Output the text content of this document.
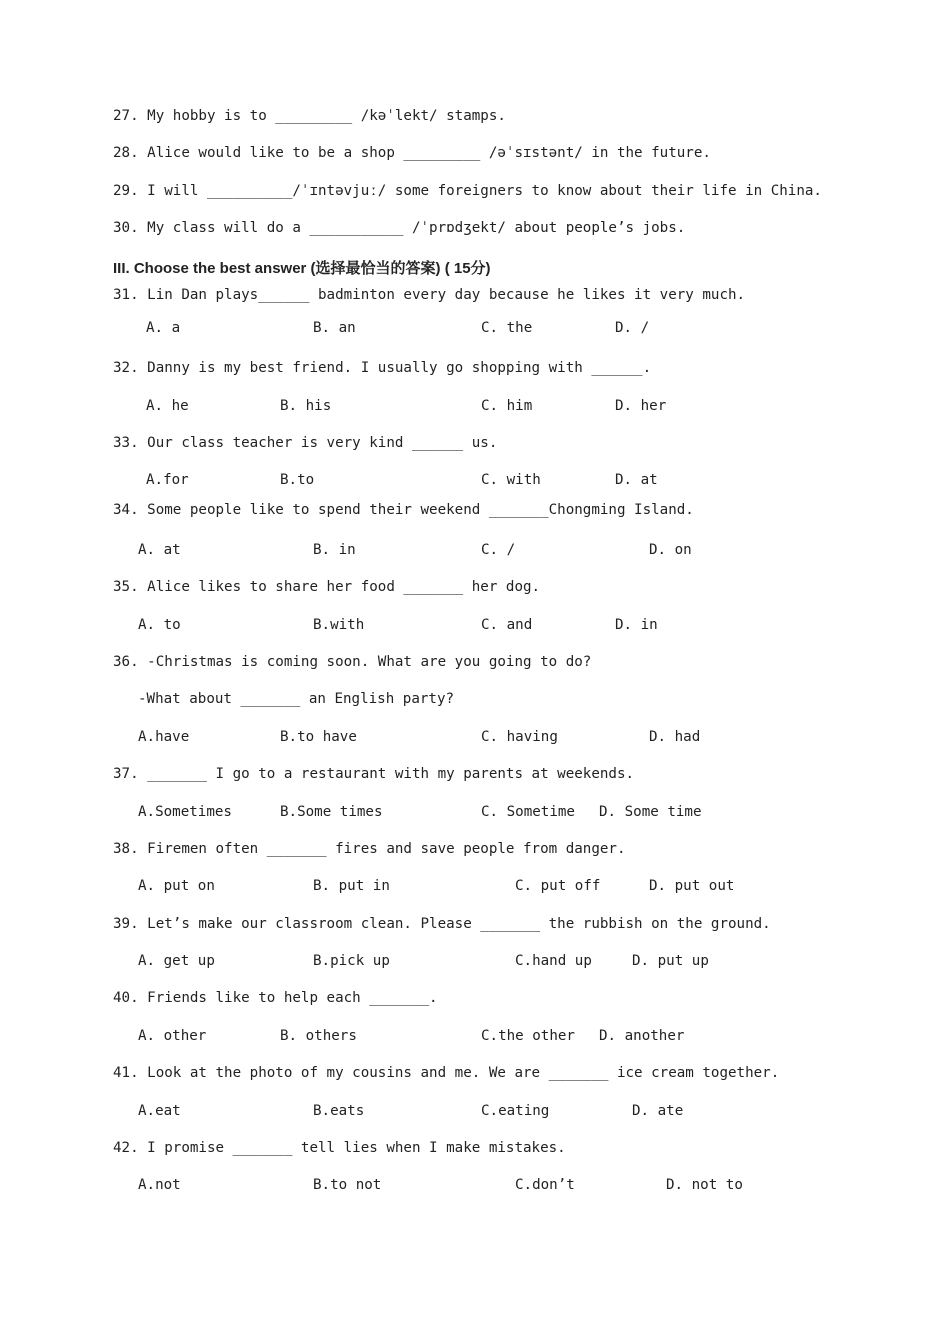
27. My hobby is to _________ /kəˈlekt/ stamps.
28. Alice would like to be a shop _________ /əˈsɪstənt/ in the future.
29. I will __________/ˈɪntəvjuː/ some foreigners to know about their life in China.
30. My class will do a ___________ /ˈprɒdʒekt/ about people’s jobs.
III. Choose the best answer (选择最恰当的答案) ( 15分)
31. Lin Dan plays______ badminton every day because he likes it very much.
A. a	B. an	C. the	D. /
32. Danny is my best friend. I usually go shopping with ______.
A. he	B. his	C. him	D. her
33. Our class teacher is very kind ______ us.
A.for	B.to	C. with	D. at
34. Some people like to spend their weekend _______Chongming Island.
A. at	B. in	C. /	D. on
35. Alice likes to share her food _______ her dog.
A. to	B.with	C. and	D. in
36. -Christmas is coming soon. What are you going to do?
-What about _______ an English party?
A.have	B.to have	C. having	D. had
37. _______ I go to a restaurant with my parents at weekends.
A.Sometimes	B.Some times	C. Sometime D. Some time
38. Firemen often _______ fires and save people from danger.
A. put on	B. put in	C. put off	D. put out
39. Let’s make our classroom clean. Please _______ the rubbish on the ground.
A. get up	B.pick up	C.hand up	D. put up
40. Friends like to help each _______.
A. other	B. others	C.the other D. another
41. Look at the photo of my cousins and me. We are _______ ice cream together.
A.eat	B.eats	C.eating	D. ate
42. I promise _______ tell lies when I make mistakes.
A.not	B.to not	C.don’t	D. not to
